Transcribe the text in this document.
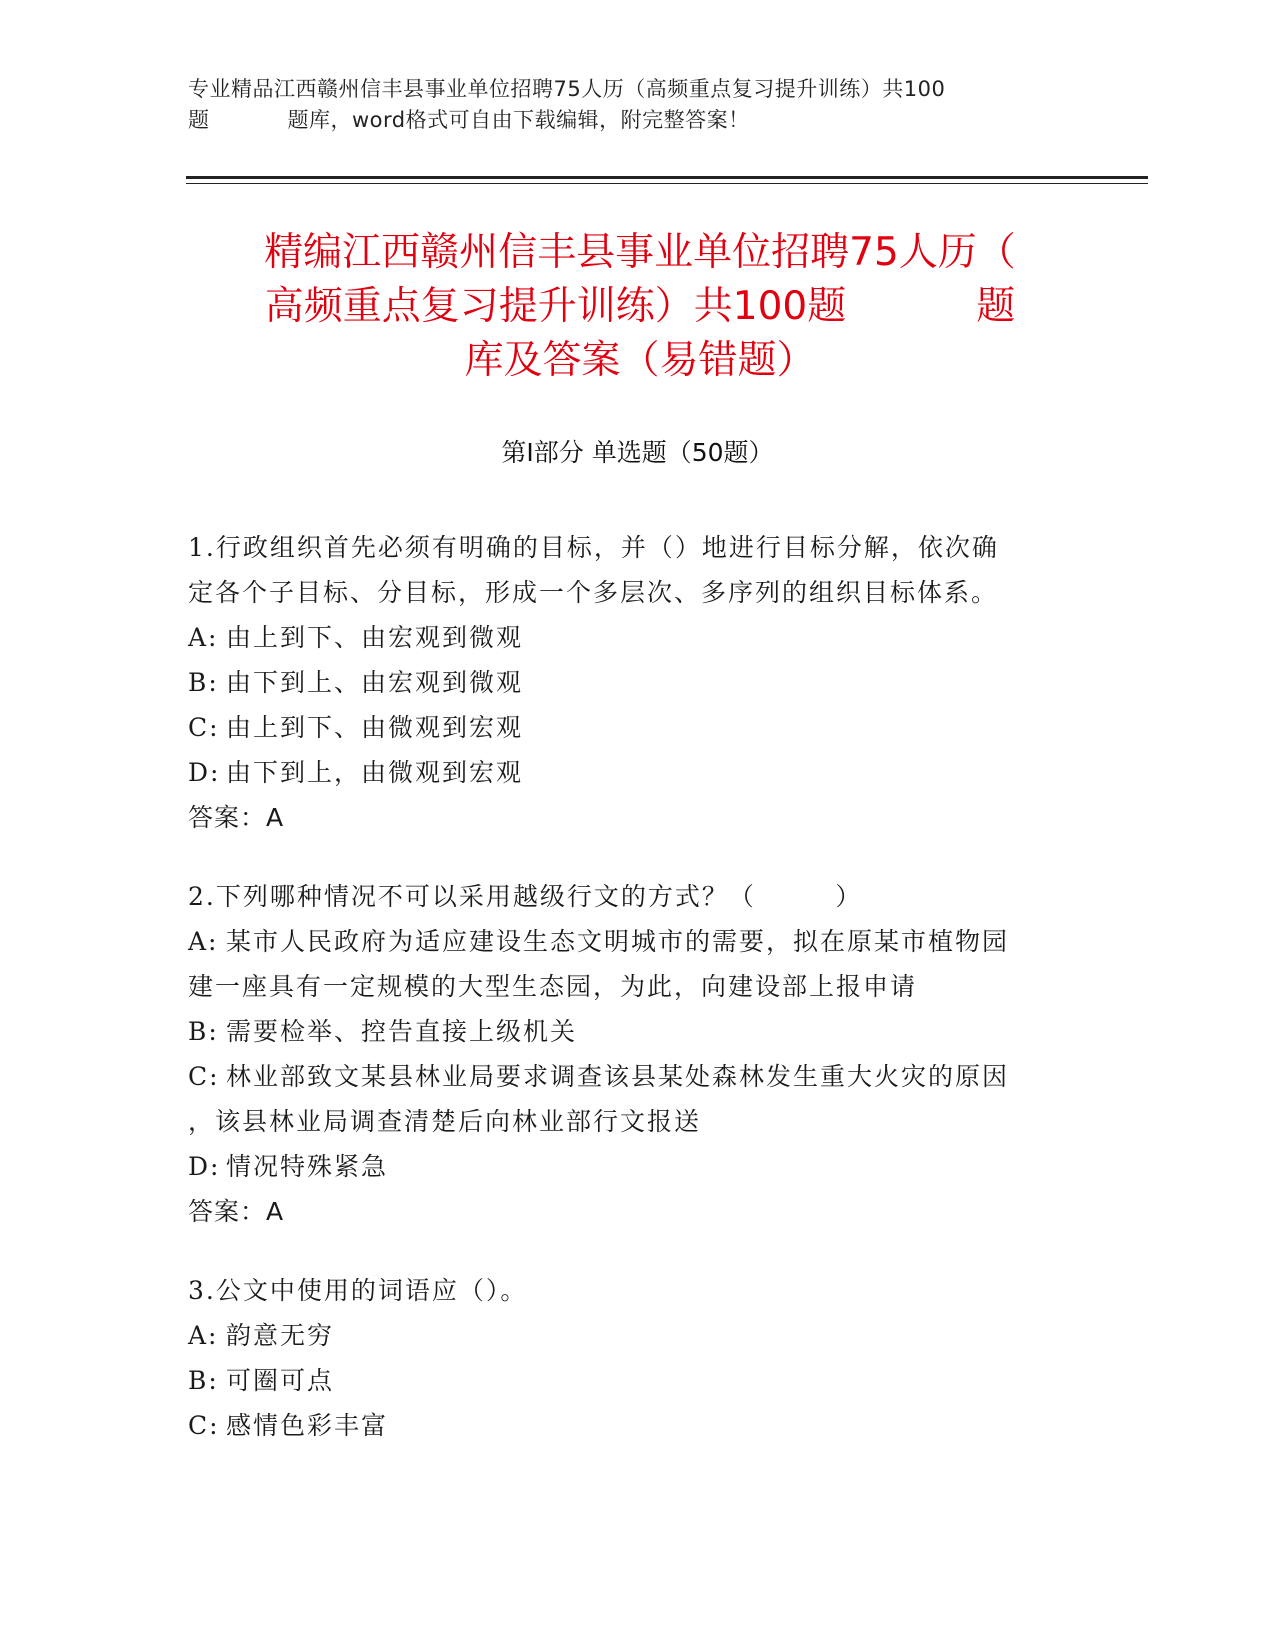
专业精品江西赣州信丰县事业单位招聘75人历（高频重点复习提升训练）共100
题	题库，word格式可自由下载编辑，附完整答案！
精编江西赣州信丰县事业单位招聘75人历（
高频重点复习提升训练）共100题	题
库及答案（易错题）
第Ⅰ部分 单选题（50题）
1.行政组织首先必须有明确的目标，并（）地进行目标分解，依次确
定各个子目标、分目标，形成一个多层次、多序列的组织目标体系。
A: 由上到下、由宏观到微观
B: 由下到上、由宏观到微观
C: 由上到下、由微观到宏观
D: 由下到上，由微观到宏观
答案：A
2.下列哪种情况不可以采用越级行文的方式？（        ）
A: 某市人民政府为适应建设生态文明城市的需要，拟在原某市植物园
建一座具有一定规模的大型生态园，为此，向建设部上报申请
B: 需要检举、控告直接上级机关
C: 林业部致文某县林业局要求调查该县某处森林发生重大火灾的原因
，该县林业局调查清楚后向林业部行文报送
D: 情况特殊紧急
答案：A
3.公文中使用的词语应（）。
A: 韵意无穷
B: 可圈可点
C: 感情色彩丰富
